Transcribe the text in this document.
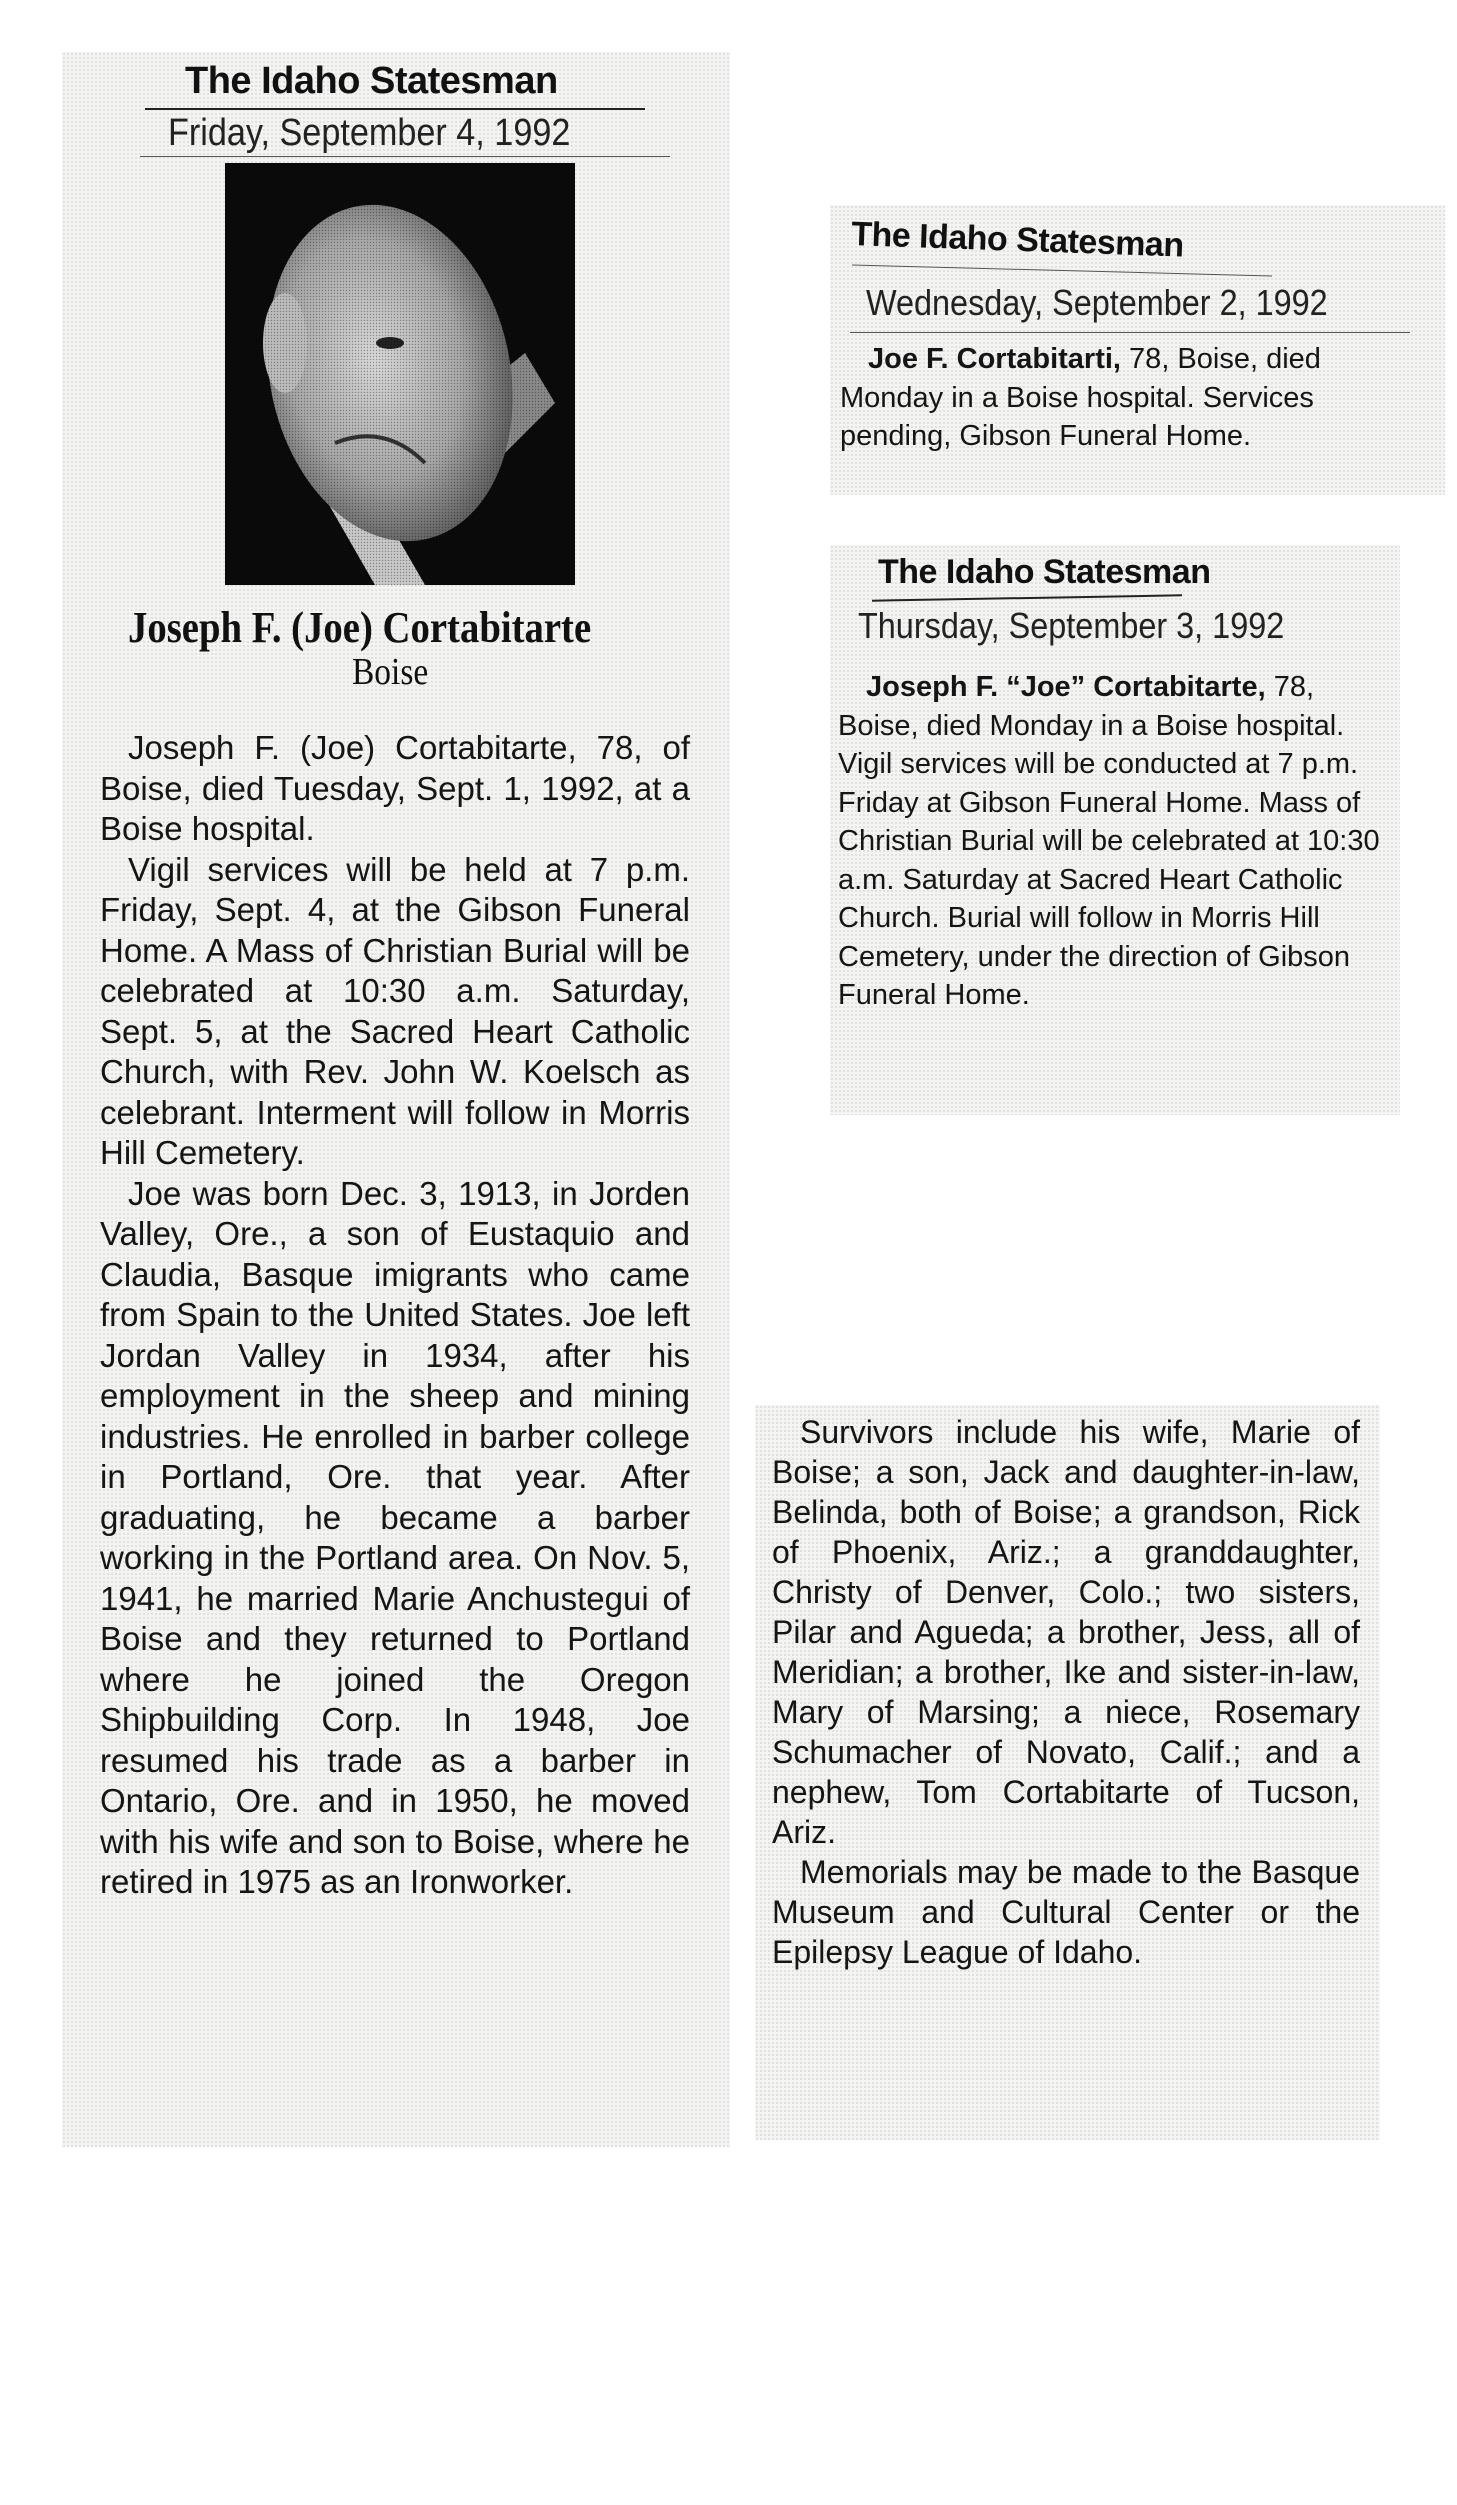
The Idaho Statesman
Friday, September 4, 1992
Joseph F. (Joe) Cortabitarte
Boise

Joseph F. (Joe) Cortabitarte, 78, of Boise, died Tuesday, Sept. 1, 1992, at a Boise hospital.

Vigil services will be held at 7 p.m. Friday, Sept. 4, at the Gibson Funeral Home. A Mass of Christian Burial will be celebrated at 10:30 a.m. Saturday, Sept. 5, at the Sacred Heart Catholic Church, with Rev. John W. Koelsch as celebrant. Interment will follow in Morris Hill Cemetery.

Joe was born Dec. 3, 1913, in Jorden Valley, Ore., a son of Eustaquio and Claudia, Basque imigrants who came from Spain to the United States. Joe left Jordan Valley in 1934, after his employment in the sheep and mining industries. He enrolled in barber college in Portland, Ore. that year. After graduating, he became a barber working in the Portland area. On Nov. 5, 1941, he married Marie Anchustegui of Boise and they returned to Portland where he joined the Oregon Shipbuilding Corp. In 1948, Joe resumed his trade as a barber in Ontario, Ore. and in 1950, he moved with his wife and son to Boise, where he retired in 1975 as an Ironworker.

The Idaho Statesman
Wednesday, September 2, 1992

Joe F. Cortabitarti, 78, Boise, died Monday in a Boise hospital. Services pending, Gibson Funeral Home.

The Idaho Statesman
Thursday, September 3, 1992

Joseph F. “Joe” Cortabitarte, 78, Boise, died Monday in a Boise hospital. Vigil services will be conducted at 7 p.m. Friday at Gibson Funeral Home. Mass of Christian Burial will be celebrated at 10:30 a.m. Saturday at Sacred Heart Catholic Church. Burial will follow in Morris Hill Cemetery, under the direction of Gibson Funeral Home.

Survivors include his wife, Marie of Boise; a son, Jack and daughter-in-law, Belinda, both of Boise; a grandson, Rick of Phoenix, Ariz.; a granddaughter, Christy of Denver, Colo.; two sisters, Pilar and Agueda; a brother, Jess, all of Meridian; a brother, Ike and sister-in-law, Mary of Marsing; a niece, Rosemary Schumacher of Novato, Calif.; and a nephew, Tom Cortabitarte of Tucson, Ariz.

Memorials may be made to the Basque Museum and Cultural Center or the Epilepsy League of Idaho.
